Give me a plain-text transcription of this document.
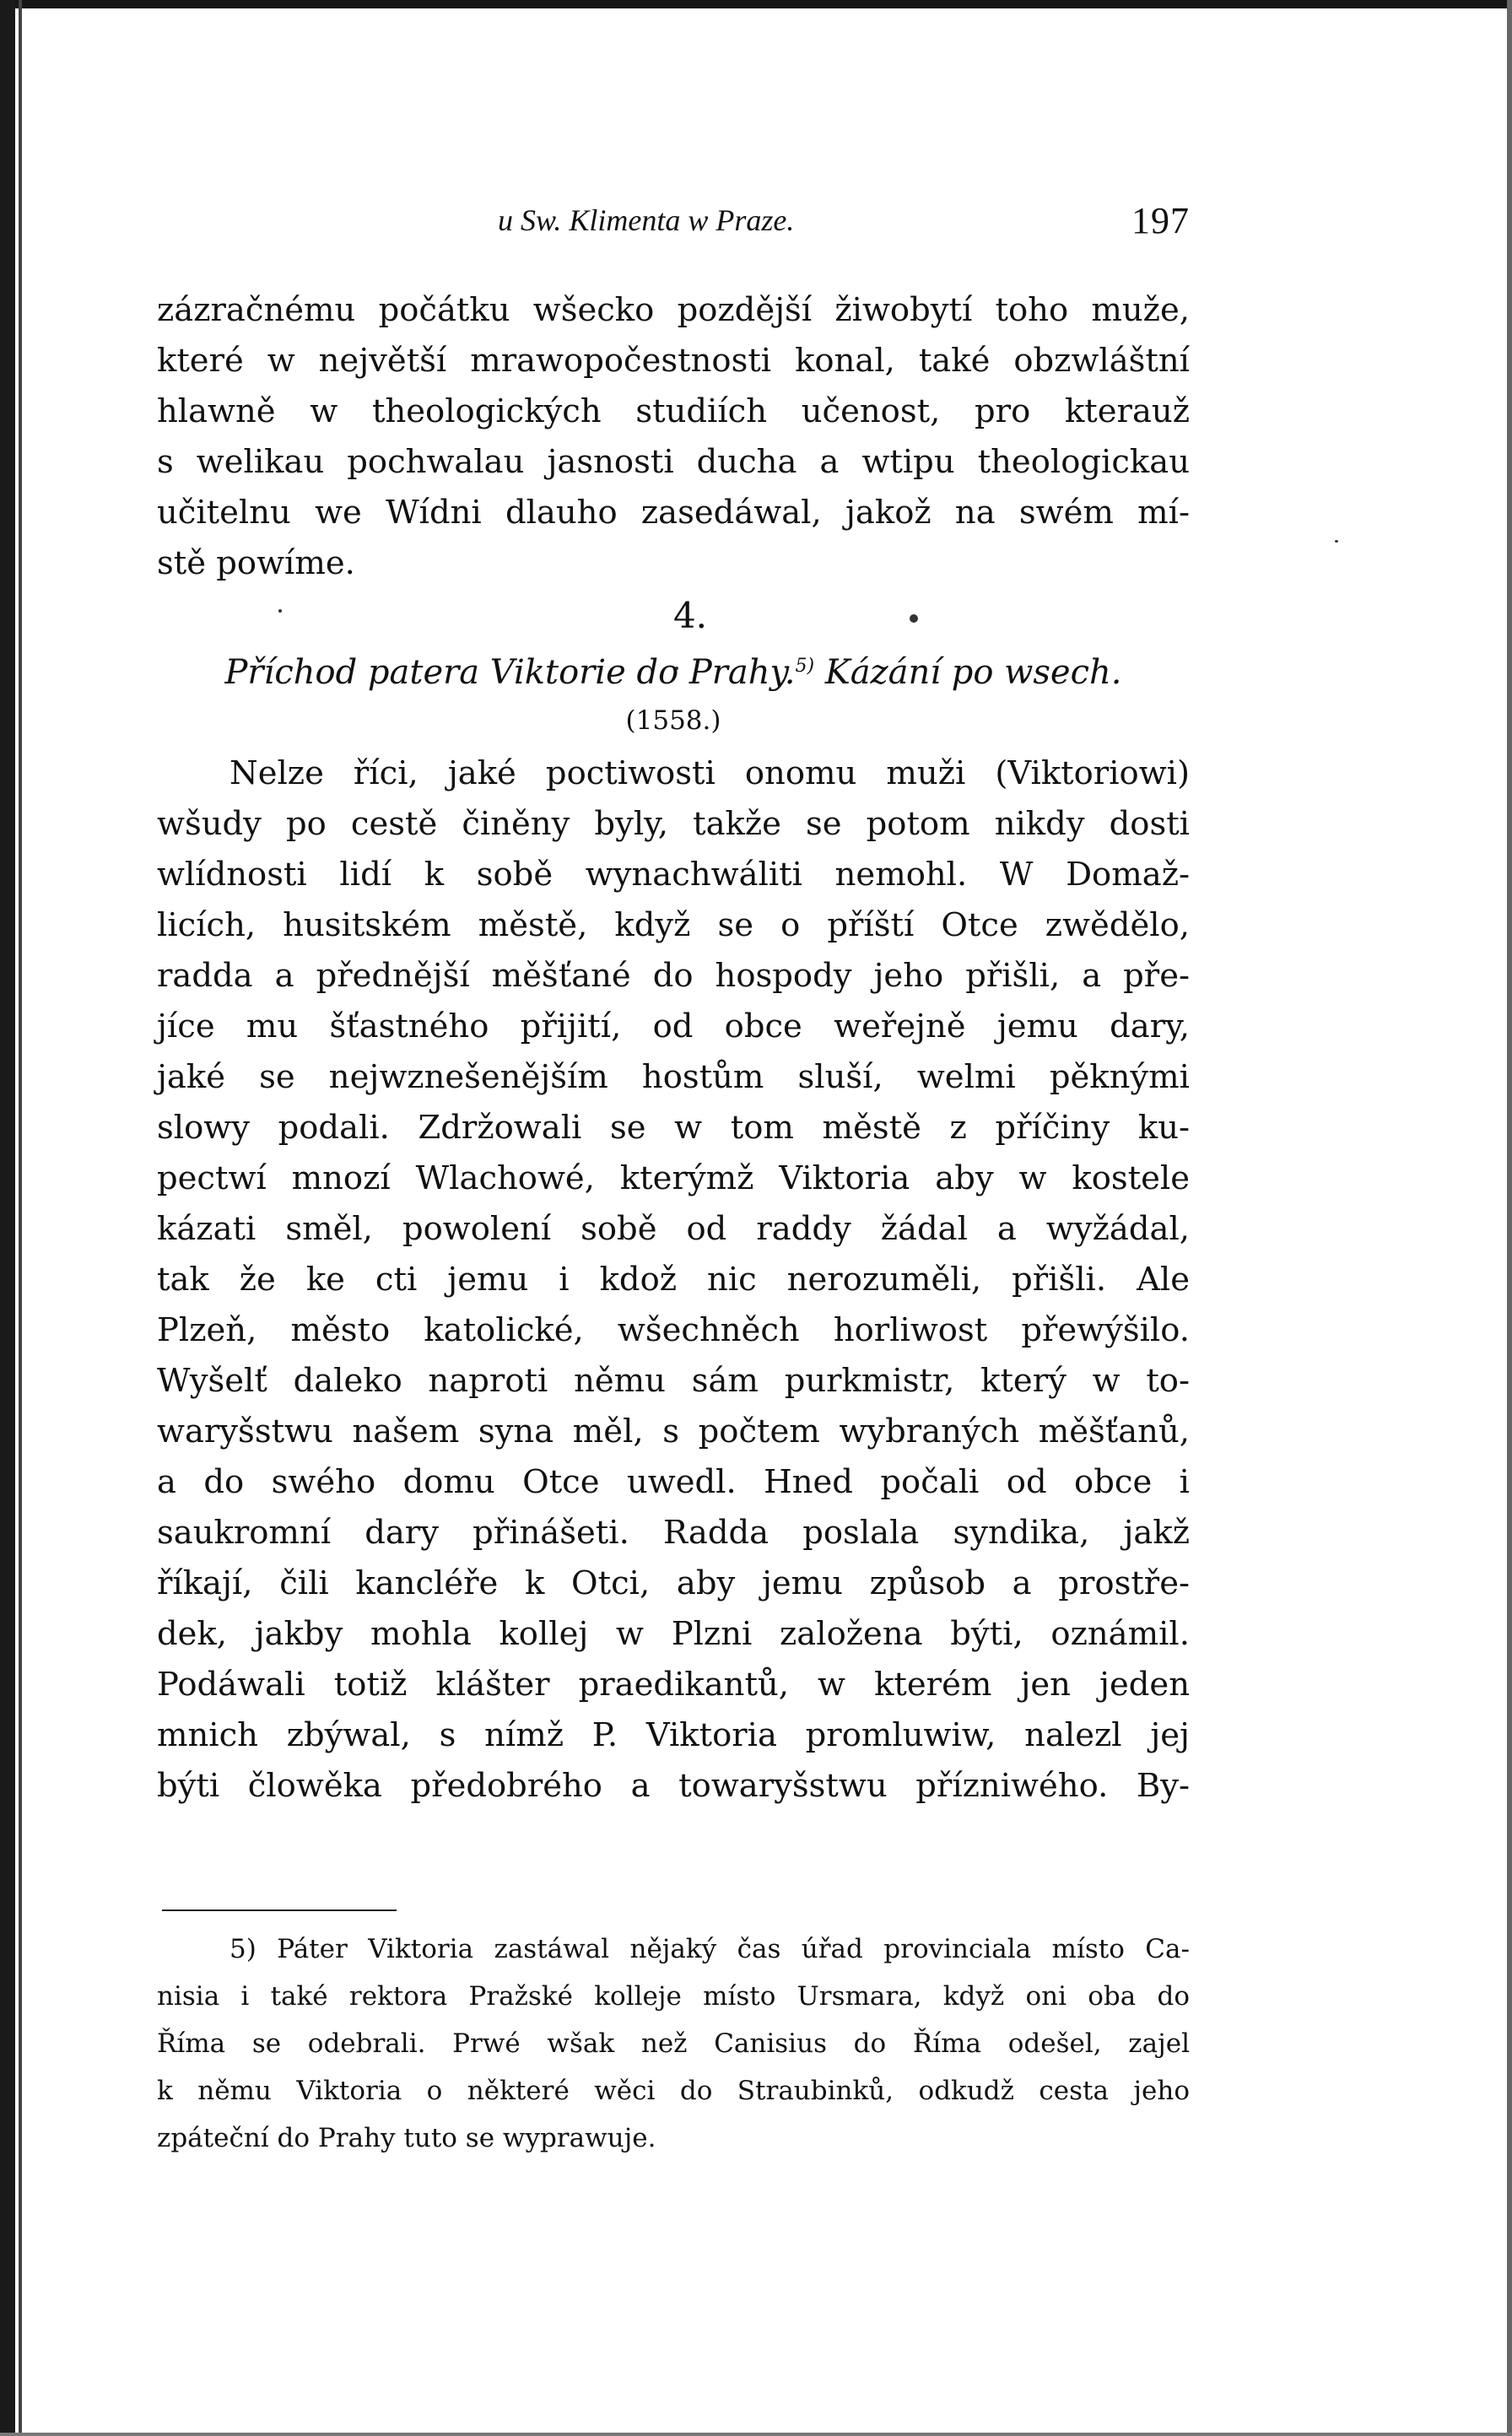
u Sw. Klimenta w Praze.	197
zázračnému počátku wšecko pozdější žiwobytí toho muže,
které w největší mrawopočestnosti konal, také obzwláštní
hlawně w theologických studiích učenost, pro kterauž
s welikau pochwalau jasnosti ducha a wtipu theologickau
učitelnu we Wídni dlauho zasedáwal, jakož na swém mí-
stě powíme.
4.
Příchod patera Viktorie do Prahy.$^{5)}$ Kázání po wsech.
(1558.)
Nelze říci, jaké poctiwosti onomu muži (Viktoriowi)
wšudy po cestě činěny byly, takže se potom nikdy dosti
wlídnosti lidí k sobě wynachwáliti nemohl. W Domaž-
licích, husitském městě, když se o příští Otce zwědělo,
radda a přednější měšťané do hospody jeho přišli, a pře-
jíce mu šťastného přijití, od obce weřejně jemu dary,
jaké se nejwznešenějším hostům sluší, welmi pěknými
slowy podali. Zdržowali se w tom městě z příčiny ku-
pectwí mnozí Wlachowé, kterýmž Viktoria aby w kostele
kázati směl, powolení sobě od raddy žádal a wyžádal,
tak že ke cti jemu i kdož nic nerozuměli, přišli. Ale
Plzeň, město katolické, wšechněch horliwost přewýšilo.
Wyšelť daleko naproti němu sám purkmistr, který w to-
waryšstwu našem syna měl, s počtem wybraných měšťanů,
a do swého domu Otce uwedl. Hned počali od obce i
saukromní dary přinášeti. Radda poslala syndika, jakž
říkají, čili kancléře k Otci, aby jemu způsob a prostře-
dek, jakby mohla kollej w Plzni založena býti, oznámil.
Podáwali totiž klášter praedikantů, w kterém jen jeden
mnich zbýwal, s nímž P. Viktoria promluwiw, nalezl jej
býti člowěka předobrého a towaryšstwu přízniwého. By-
5) Páter Viktoria zastáwal nějaký čas úřad provinciala místo Ca-
nisia i také rektora Pražské kolleje místo Ursmara, když oni oba do
Říma se odebrali. Prwé wšak než Canisius do Říma odešel, zajel
k němu Viktoria o některé wěci do Straubinků, odkudž cesta jeho
zpáteční do Prahy tuto se wyprawuje.
